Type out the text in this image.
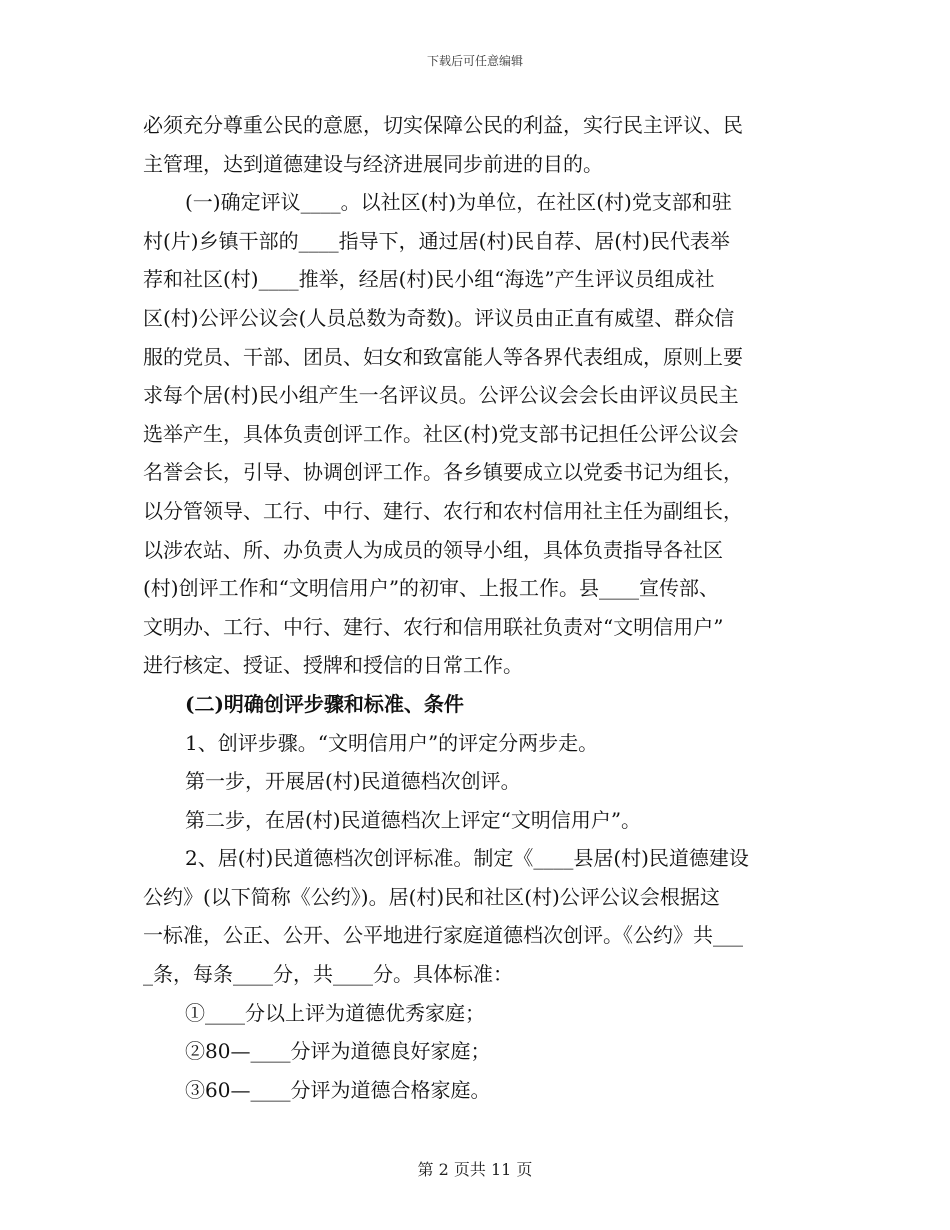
下载后可任意编辑

必须充分尊重公民的意愿，切实保障公民的利益，实行民主评议、民

主管理，达到道德建设与经济进展同步前进的目的。

(一)确定评议____。以社区(村)为单位，在社区(村)党支部和驻

村(片)乡镇干部的____指导下，通过居(村)民自荐、居(村)民代表举

荐和社区(村)____推举，经居(村)民小组“海选”产生评议员组成社

区(村)公评公议会(人员总数为奇数)。评议员由正直有威望、群众信

服的党员、干部、团员、妇女和致富能人等各界代表组成，原则上要

求每个居(村)民小组产生一名评议员。公评公议会会长由评议员民主

选举产生，具体负责创评工作。社区(村)党支部书记担任公评公议会

名誉会长，引导、协调创评工作。各乡镇要成立以党委书记为组长，

以分管领导、工行、中行、建行、农行和农村信用社主任为副组长，

以涉农站、所、办负责人为成员的领导小组，具体负责指导各社区

(村)创评工作和“文明信用户”的初审、上报工作。县____宣传部、

文明办、工行、中行、建行、农行和信用联社负责对“文明信用户”

进行核定、授证、授牌和授信的日常工作。

(二)明确创评步骤和标准、条件

1、创评步骤。“文明信用户”的评定分两步走。

第一步，开展居(村)民道德档次创评。

第二步，在居(村)民道德档次上评定“文明信用户”。

2、居(村)民道德档次创评标准。制定《____县居(村)民道德建设

公约》(以下简称《公约》)。居(村)民和社区(村)公评公议会根据这

一标准，公正、公开、公平地进行家庭道德档次创评。《公约》共___

_条，每条____分，共____分。具体标准：

①____分以上评为道德优秀家庭；

②80—____分评为道德良好家庭；

③60—____分评为道德合格家庭。

第 2 页共 11 页
